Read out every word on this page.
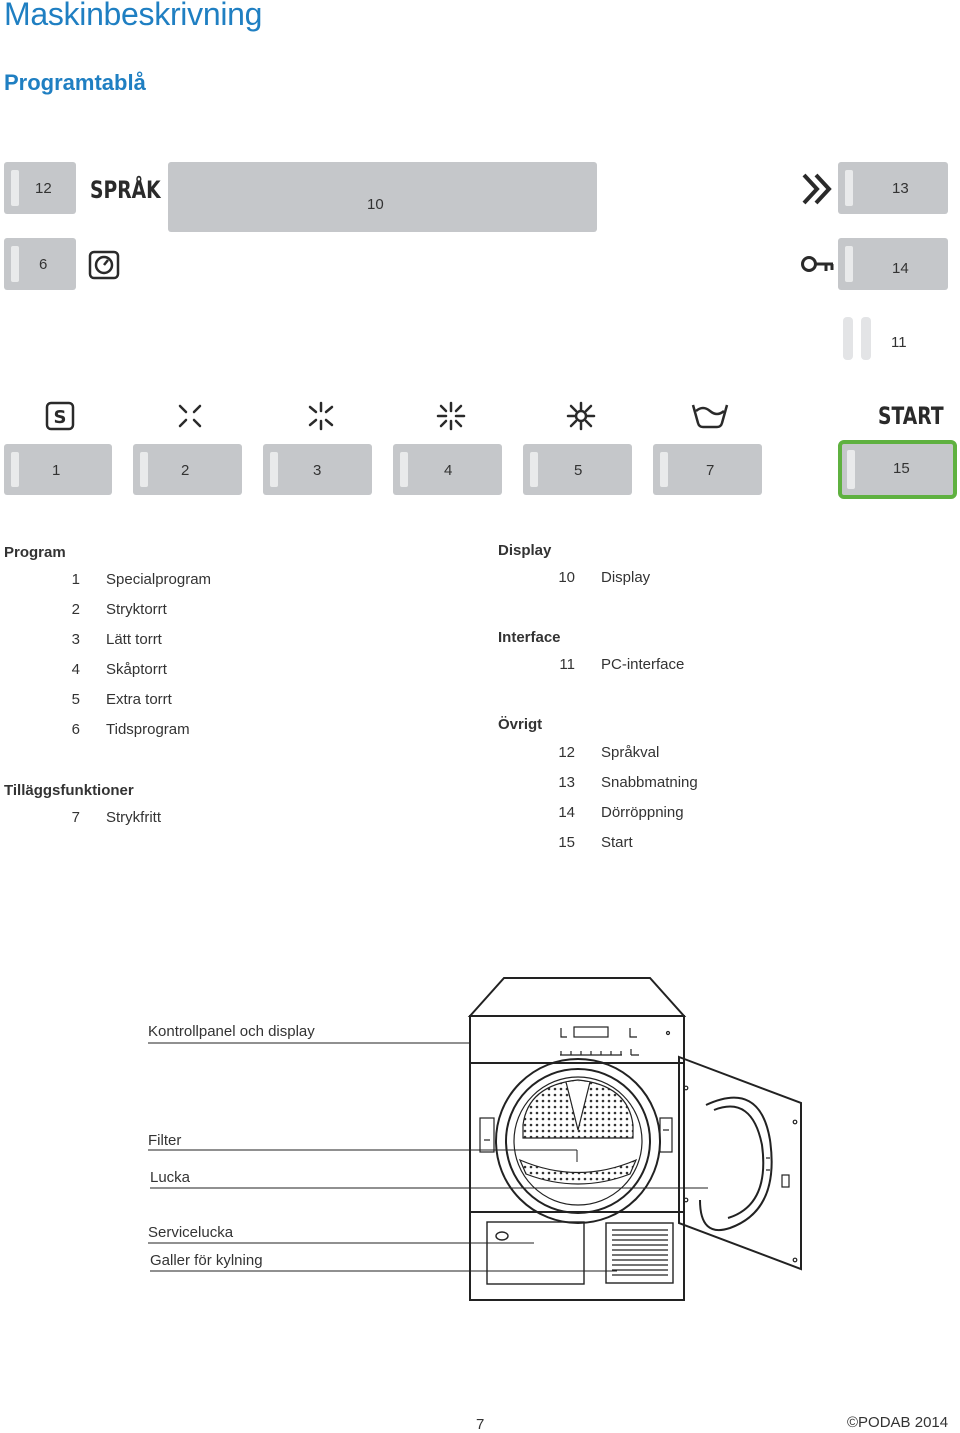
Maskinbeskrivning
Programtablå
12 SPRÅK
10
13
6	14
11
S	START
1	2	3	4	5	7	15
Program
1 Specialprogram
2 Stryktorrt
3 Lätt torrt
4 Skåptorrt
5 Extra torrt
6 Tidsprogram
Tilläggsfunktioner
7 Strykfritt
Display
10 Display
Interface
11 PC-interface
Övrigt
12 Språkval
13 Snabbmatning
14 Dörröppning
15 Start
Kontrollpanel och display
Filter
Lucka
Servicelucka
Galler för kylning
7	©PODAB 2014
